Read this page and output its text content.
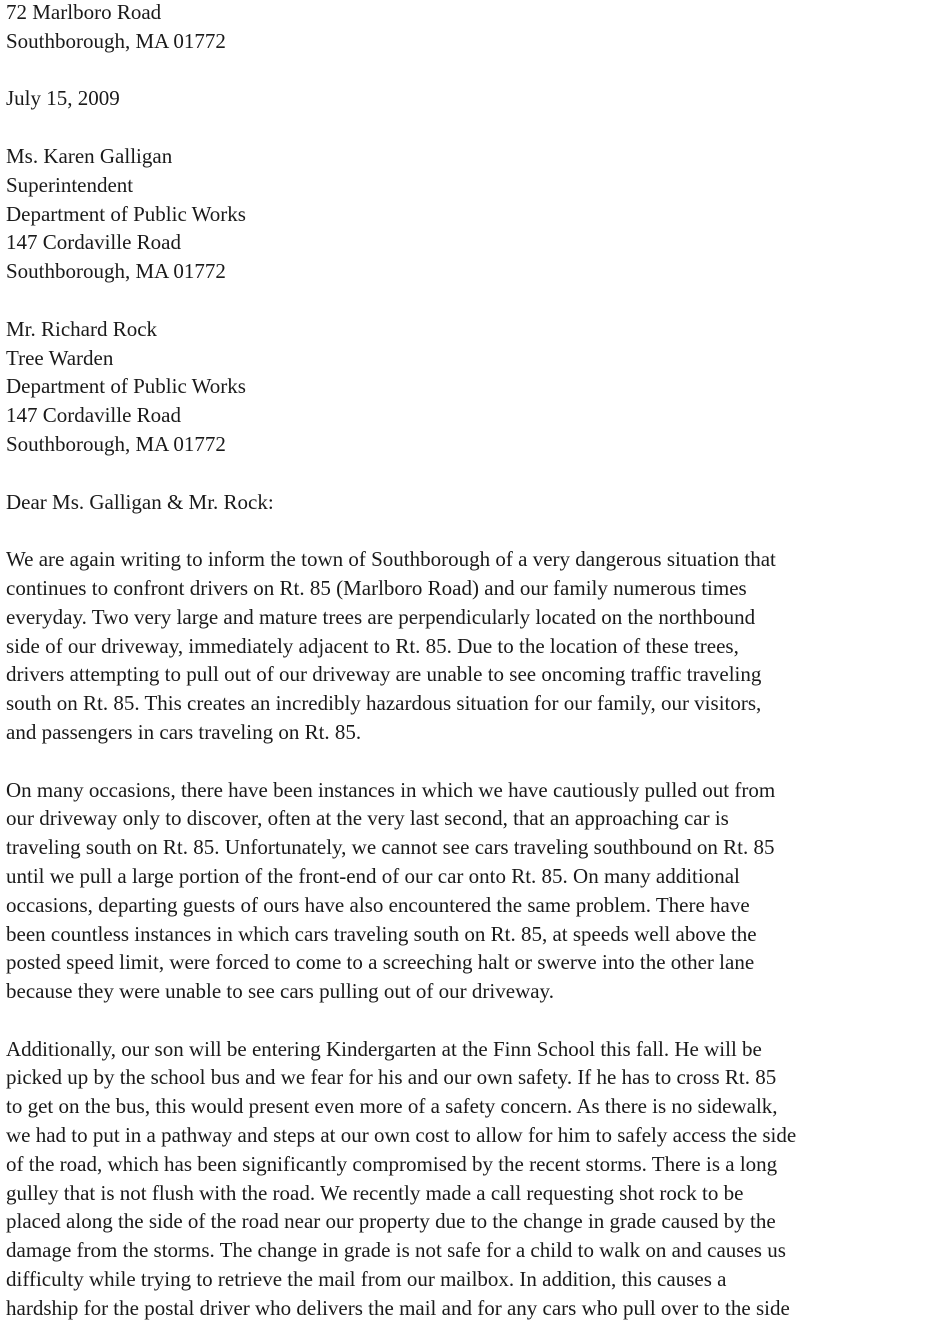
72 Marlboro Road
Southborough, MA 01772
July 15, 2009
Ms. Karen Galligan
Superintendent
Department of Public Works
147 Cordaville Road
Southborough, MA 01772
Mr. Richard Rock
Tree Warden
Department of Public Works
147 Cordaville Road
Southborough, MA 01772
Dear Ms. Galligan & Mr. Rock:
We are again writing to inform the town of Southborough of a very dangerous situation that
continues to confront drivers on Rt. 85 (Marlboro Road) and our family numerous times
everyday. Two very large and mature trees are perpendicularly located on the northbound
side of our driveway, immediately adjacent to Rt. 85. Due to the location of these trees,
drivers attempting to pull out of our driveway are unable to see oncoming traffic traveling
south on Rt. 85. This creates an incredibly hazardous situation for our family, our visitors,
and passengers in cars traveling on Rt. 85.
On many occasions, there have been instances in which we have cautiously pulled out from
our driveway only to discover, often at the very last second, that an approaching car is
traveling south on Rt. 85. Unfortunately, we cannot see cars traveling southbound on Rt. 85
until we pull a large portion of the front-end of our car onto Rt. 85. On many additional
occasions, departing guests of ours have also encountered the same problem. There have
been countless instances in which cars traveling south on Rt. 85, at speeds well above the
posted speed limit, were forced to come to a screeching halt or swerve into the other lane
because they were unable to see cars pulling out of our driveway.
Additionally, our son will be entering Kindergarten at the Finn School this fall. He will be
picked up by the school bus and we fear for his and our own safety. If he has to cross Rt. 85
to get on the bus, this would present even more of a safety concern. As there is no sidewalk,
we had to put in a pathway and steps at our own cost to allow for him to safely access the side
of the road, which has been significantly compromised by the recent storms. There is a long
gulley that is not flush with the road. We recently made a call requesting shot rock to be
placed along the side of the road near our property due to the change in grade caused by the
damage from the storms. The change in grade is not safe for a child to walk on and causes us
difficulty while trying to retrieve the mail from our mailbox. In addition, this causes a
hardship for the postal driver who delivers the mail and for any cars who pull over to the side
